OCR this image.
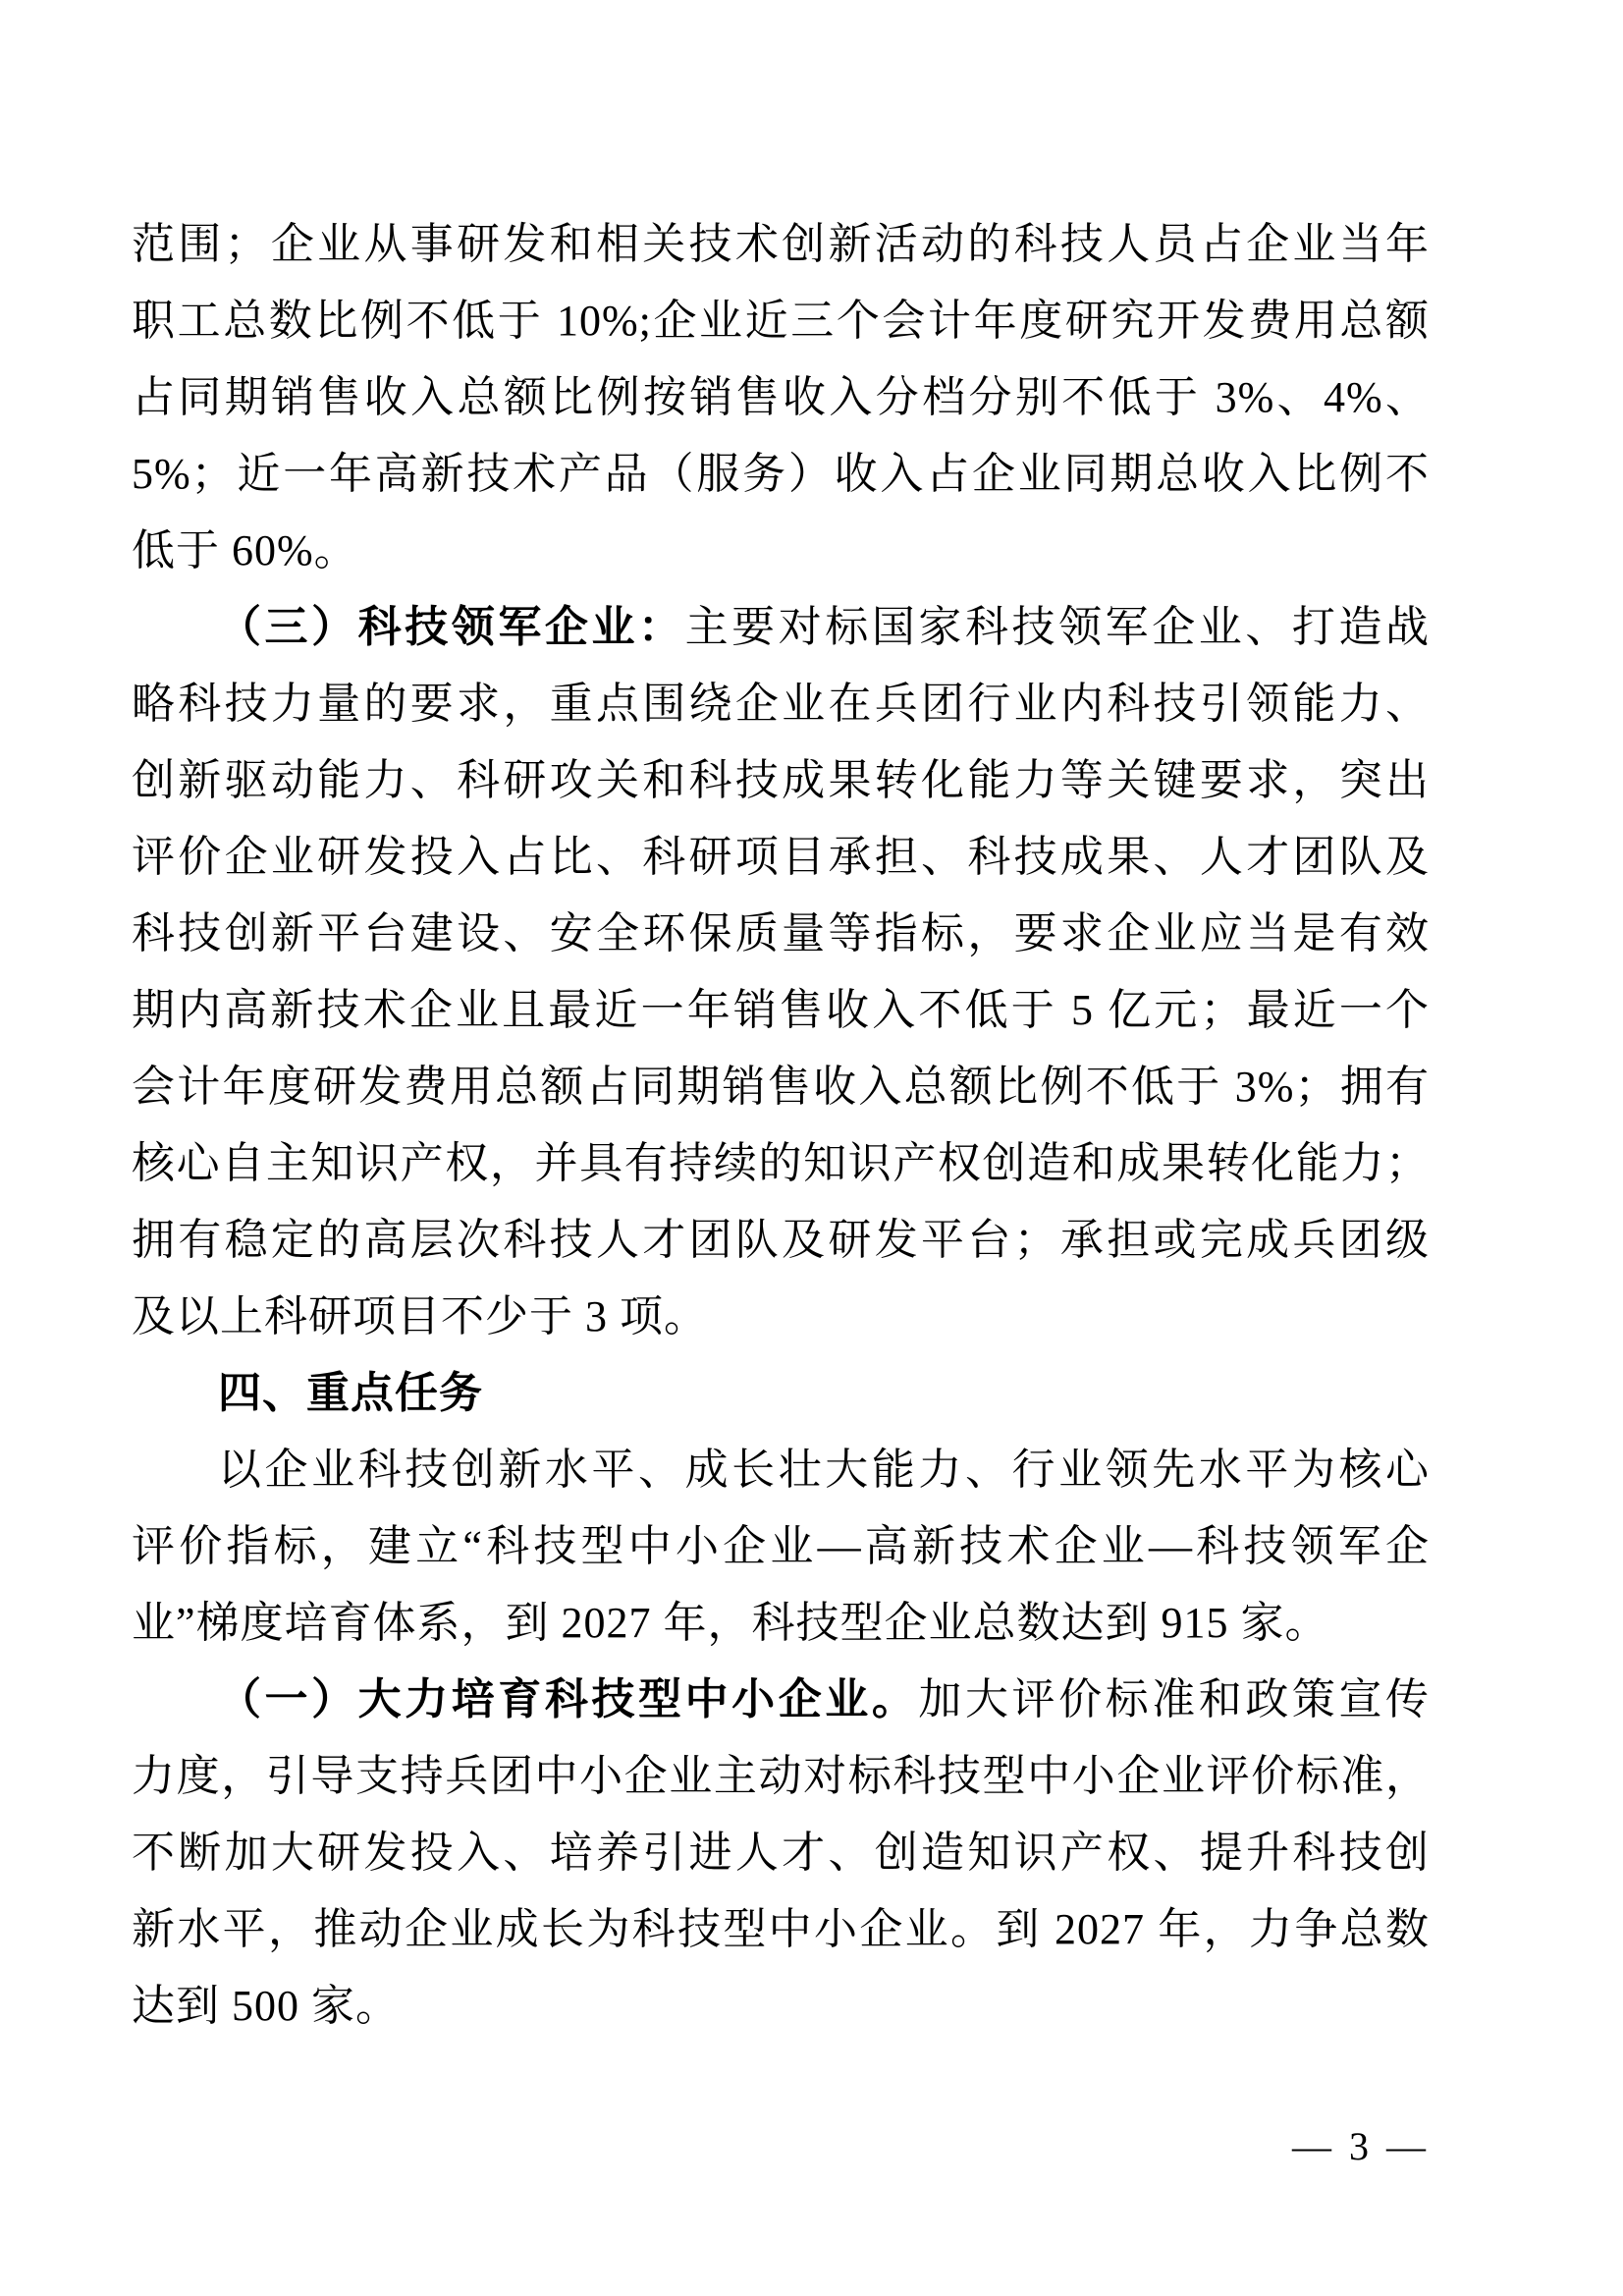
范围；企业从事研发和相关技术创新活动的科技人员占企业当年
职工总数比例不低于 10%;企业近三个会计年度研究开发费用总额
占同期销售收入总额比例按销售收入分档分别不低于 3%、4%、
5%；近一年高新技术产品（服务）收入占企业同期总收入比例不
低于 60%。
（三）科技领军企业：主要对标国家科技领军企业、打造战
略科技力量的要求，重点围绕企业在兵团行业内科技引领能力、
创新驱动能力、科研攻关和科技成果转化能力等关键要求，突出
评价企业研发投入占比、科研项目承担、科技成果、人才团队及
科技创新平台建设、安全环保质量等指标，要求企业应当是有效
期内高新技术企业且最近一年销售收入不低于 5 亿元；最近一个
会计年度研发费用总额占同期销售收入总额比例不低于 3%；拥有
核心自主知识产权，并具有持续的知识产权创造和成果转化能力；
拥有稳定的高层次科技人才团队及研发平台；承担或完成兵团级
及以上科研项目不少于 3 项。
四、重点任务
以企业科技创新水平、成长壮大能力、行业领先水平为核心
评价指标，建立“科技型中小企业—高新技术企业—科技领军企
业”梯度培育体系，到 2027 年，科技型企业总数达到 915 家。
（一）大力培育科技型中小企业。加大评价标准和政策宣传
力度，引导支持兵团中小企业主动对标科技型中小企业评价标准，
不断加大研发投入、培养引进人才、创造知识产权、提升科技创
新水平，推动企业成长为科技型中小企业。到 2027 年，力争总数
达到 500 家。
— 3 —
